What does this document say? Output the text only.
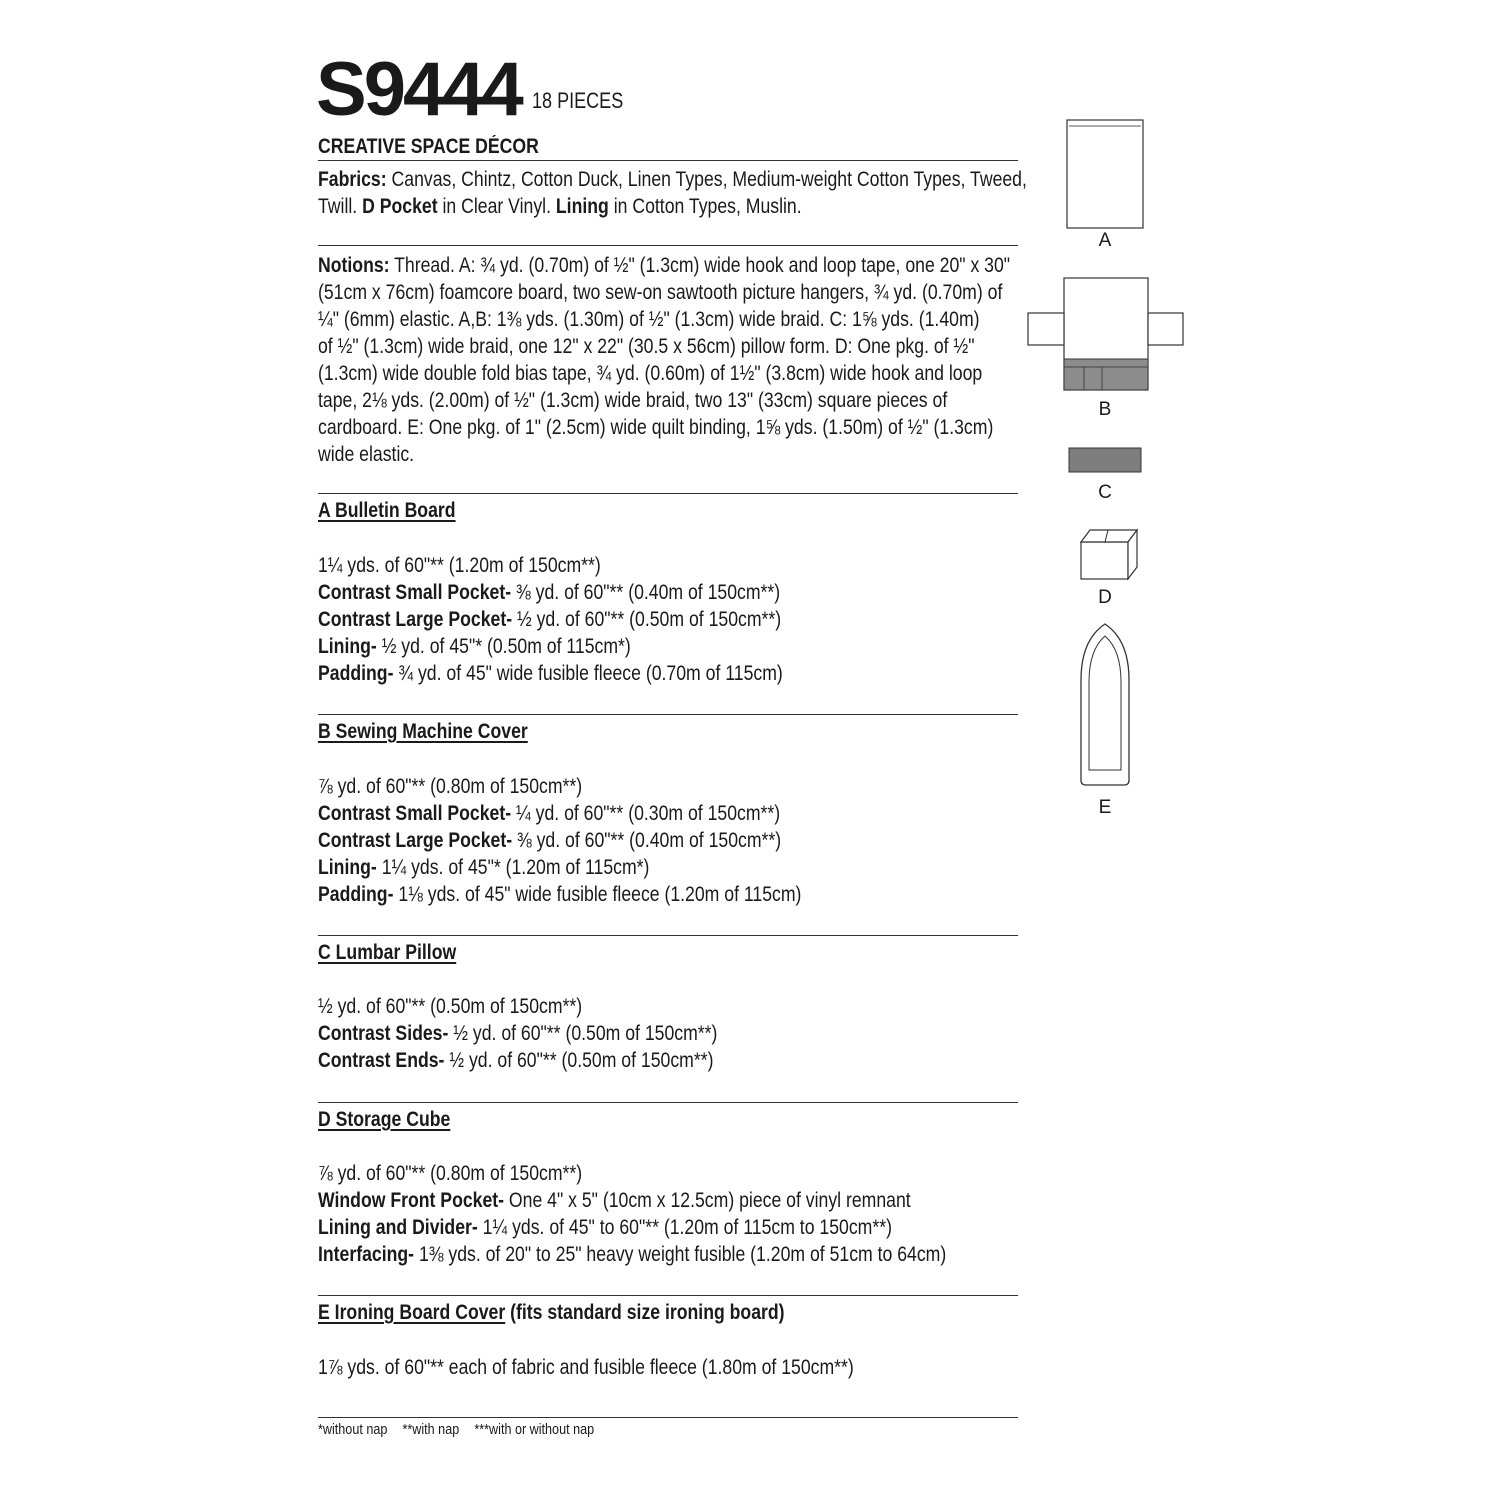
S9444 18 PIECES
CREATIVE SPACE DÉCOR
Fabrics: Canvas, Chintz, Cotton Duck, Linen Types, Medium-weight Cotton Types, Tweed,
Twill. D Pocket in Clear Vinyl. Lining in Cotton Types, Muslin.
Notions: Thread. A: ¾ yd. (0.70m) of ½" (1.3cm) wide hook and loop tape, one 20" x 30"
(51cm x 76cm) foamcore board, two sew-on sawtooth picture hangers, ¾ yd. (0.70m) of
¼" (6mm) elastic. A,B: 1⅜ yds. (1.30m) of ½" (1.3cm) wide braid. C: 1⅝ yds. (1.40m)
of ½" (1.3cm) wide braid, one 12" x 22" (30.5 x 56cm) pillow form. D: One pkg. of ½"
(1.3cm) wide double fold bias tape, ¾ yd. (0.60m) of 1½" (3.8cm) wide hook and loop
tape, 2⅛ yds. (2.00m) of ½" (1.3cm) wide braid, two 13" (33cm) square pieces of
cardboard. E: One pkg. of 1" (2.5cm) wide quilt binding, 1⅝ yds. (1.50m) of ½" (1.3cm)
wide elastic.
A Bulletin Board
1¼ yds. of 60"** (1.20m of 150cm**)
Contrast Small Pocket- ⅜ yd. of 60"** (0.40m of 150cm**)
Contrast Large Pocket- ½ yd. of 60"** (0.50m of 150cm**)
Lining- ½ yd. of 45"* (0.50m of 115cm*)
Padding- ¾ yd. of 45" wide fusible fleece (0.70m of 115cm)
B Sewing Machine Cover
⅞ yd. of 60"** (0.80m of 150cm**)
Contrast Small Pocket- ¼ yd. of 60"** (0.30m of 150cm**)
Contrast Large Pocket- ⅜ yd. of 60"** (0.40m of 150cm**)
Lining- 1¼ yds. of 45"* (1.20m of 115cm*)
Padding- 1⅛ yds. of 45" wide fusible fleece (1.20m of 115cm)
C Lumbar Pillow
½ yd. of 60"** (0.50m of 150cm**)
Contrast Sides- ½ yd. of 60"** (0.50m of 150cm**)
Contrast Ends- ½ yd. of 60"** (0.50m of 150cm**)
D Storage Cube
⅞ yd. of 60"** (0.80m of 150cm**)
Window Front Pocket- One 4" x 5" (10cm x 12.5cm) piece of vinyl remnant
Lining and Divider- 1¼ yds. of 45" to 60"** (1.20m of 115cm to 150cm**)
Interfacing- 1⅜ yds. of 20" to 25" heavy weight fusible (1.20m of 51cm to 64cm)
E Ironing Board Cover (fits standard size ironing board)
1⅞ yds. of 60"** each of fabric and fusible fleece (1.80m of 150cm**)
*without nap **with nap ***with or without nap
A
B
C
D
E
